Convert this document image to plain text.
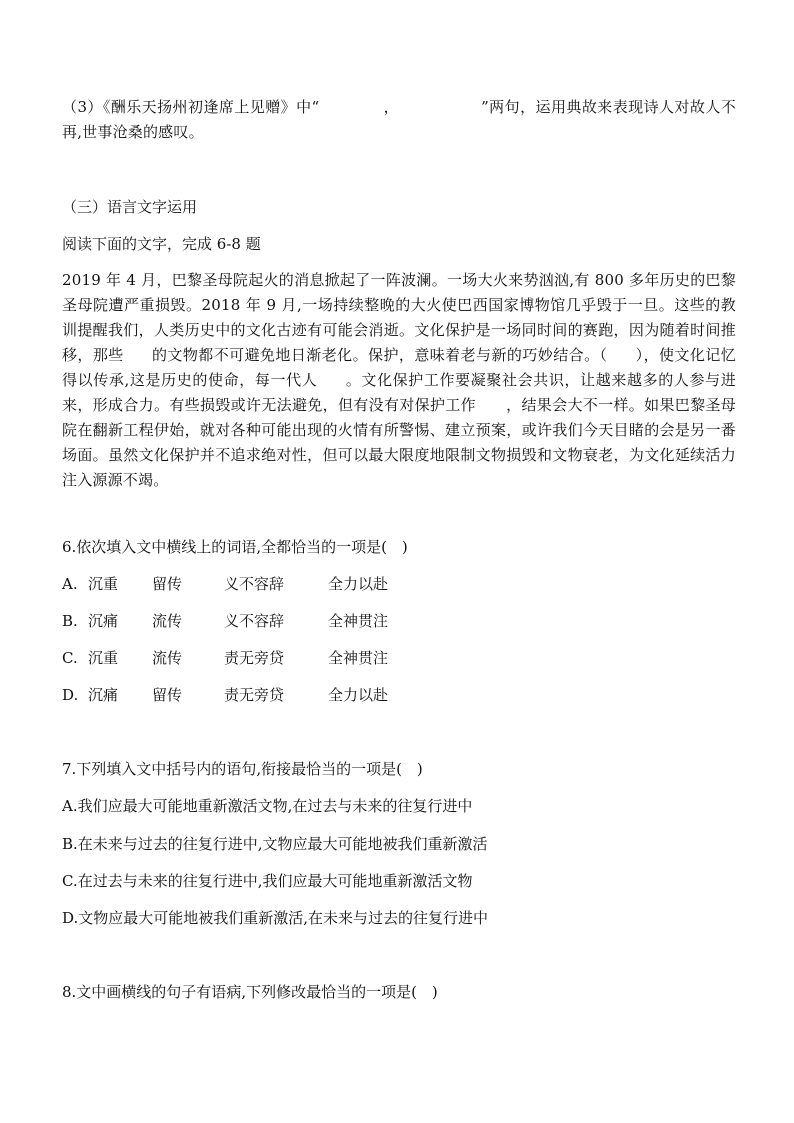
（3）《酬乐天扬州初逢席上见赠》中“	，	”两句，运用典故来表现诗人对故人不再,世事沧桑的感叹。

（三）语言文字运用
阅读下面的文字，完成 6-8 题

2019 年 4 月，巴黎圣母院起火的消息掀起了一阵波澜。一场大火来势汹汹,有 800 多年历史的巴黎圣母院遭严重损毁。2018 年 9 月,一场持续整晚的大火使巴西国家博物馆几乎毁于一旦。这些的教训提醒我们，人类历史中的文化古迹有可能会消逝。文化保护是一场同时间的赛跑，因为随着时间推移，那些 的文物都不可避免地日渐老化。保护，意味着老与新的巧妙结合。（ ），使文化记忆得以传承,这是历史的使命，每一代人 。文化保护工作要凝聚社会共识，让越来越多的人参与进来，形成合力。有些损毁或许无法避免，但有没有对保护工作 ，结果会大不一样。如果巴黎圣母院在翻新工程伊始，就对各种可能出现的火情有所警惕、建立预案，或许我们今天目睹的会是另一番场面。虽然文化保护并不追求绝对性，但可以最大限度地限制文物损毁和文物衰老，为文化延续活力注入源源不竭。

6.依次填入文中横线上的词语,全都恰当的一项是(　)
A. 沉重 留传	义不容辞	全力以赴
B. 沉痛 流传	义不容辞	全神贯注
C. 沉重 流传	责无旁贷	全神贯注
D. 沉痛 留传	责无旁贷	全力以赴
7.下列填入文中括号内的语句,衔接最恰当的一项是(　)
A.我们应最大可能地重新激活文物,在过去与未来的往复行进中
B.在未来与过去的往复行进中,文物应最大可能地被我们重新激活
C.在过去与未来的往复行进中,我们应最大可能地重新激活文物
D.文物应最大可能地被我们重新激活,在未来与过去的往复行进中
8.文中画横线的句子有语病,下列修改最恰当的一项是(　)
